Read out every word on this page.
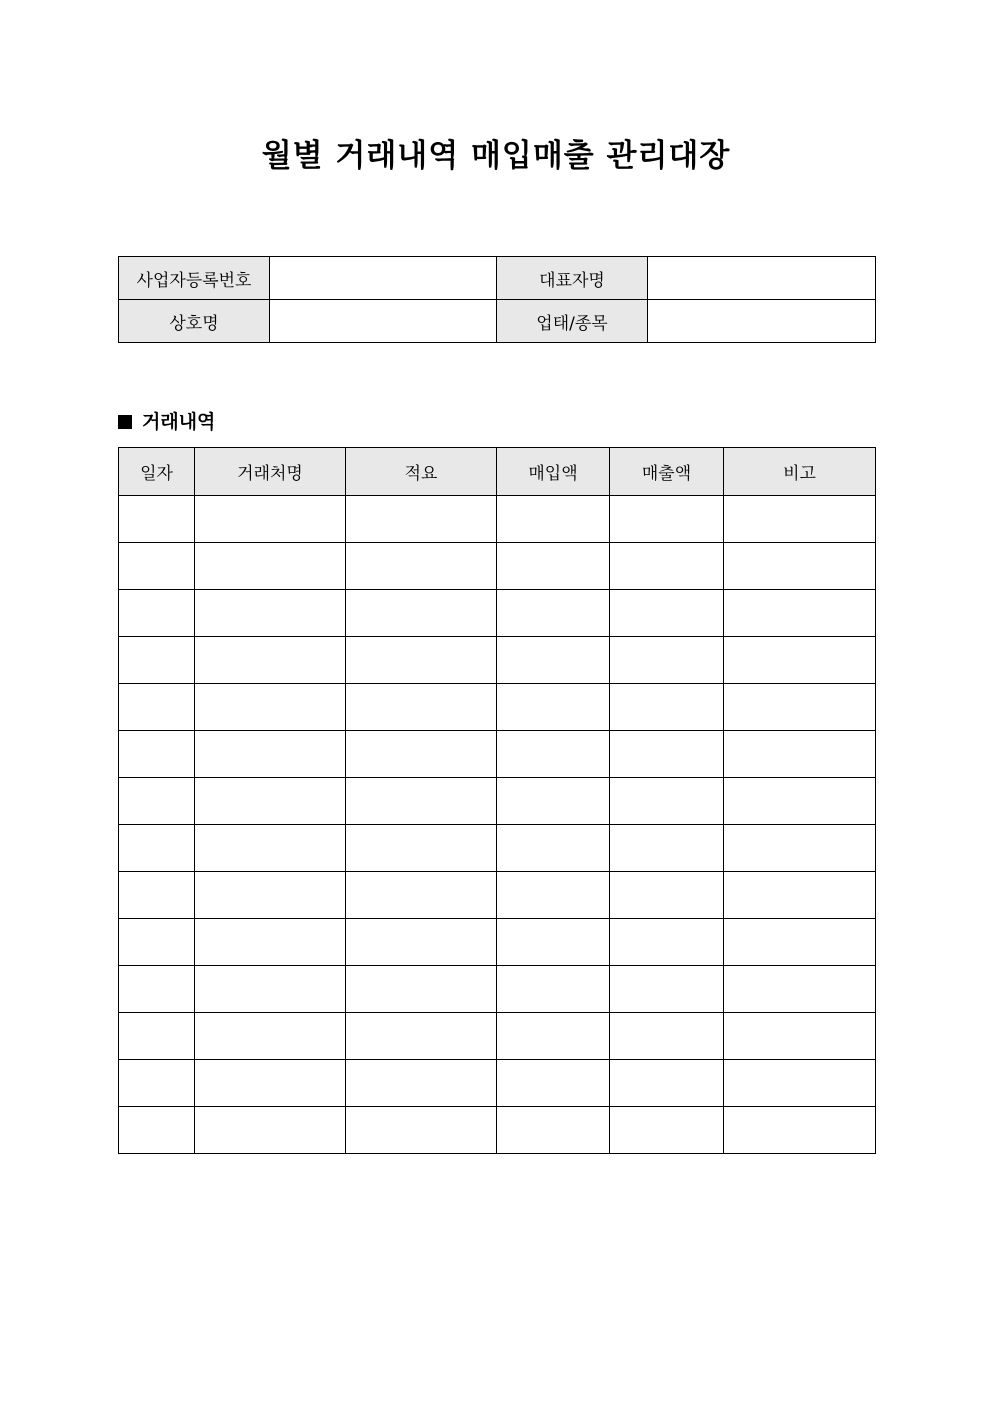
월별 거래내역 매입매출 관리대장
사업자등록번호		대표자명	
상호명		업태/종목	
거래내역
일자	거래처명	적요	매입액	매출액	비고
